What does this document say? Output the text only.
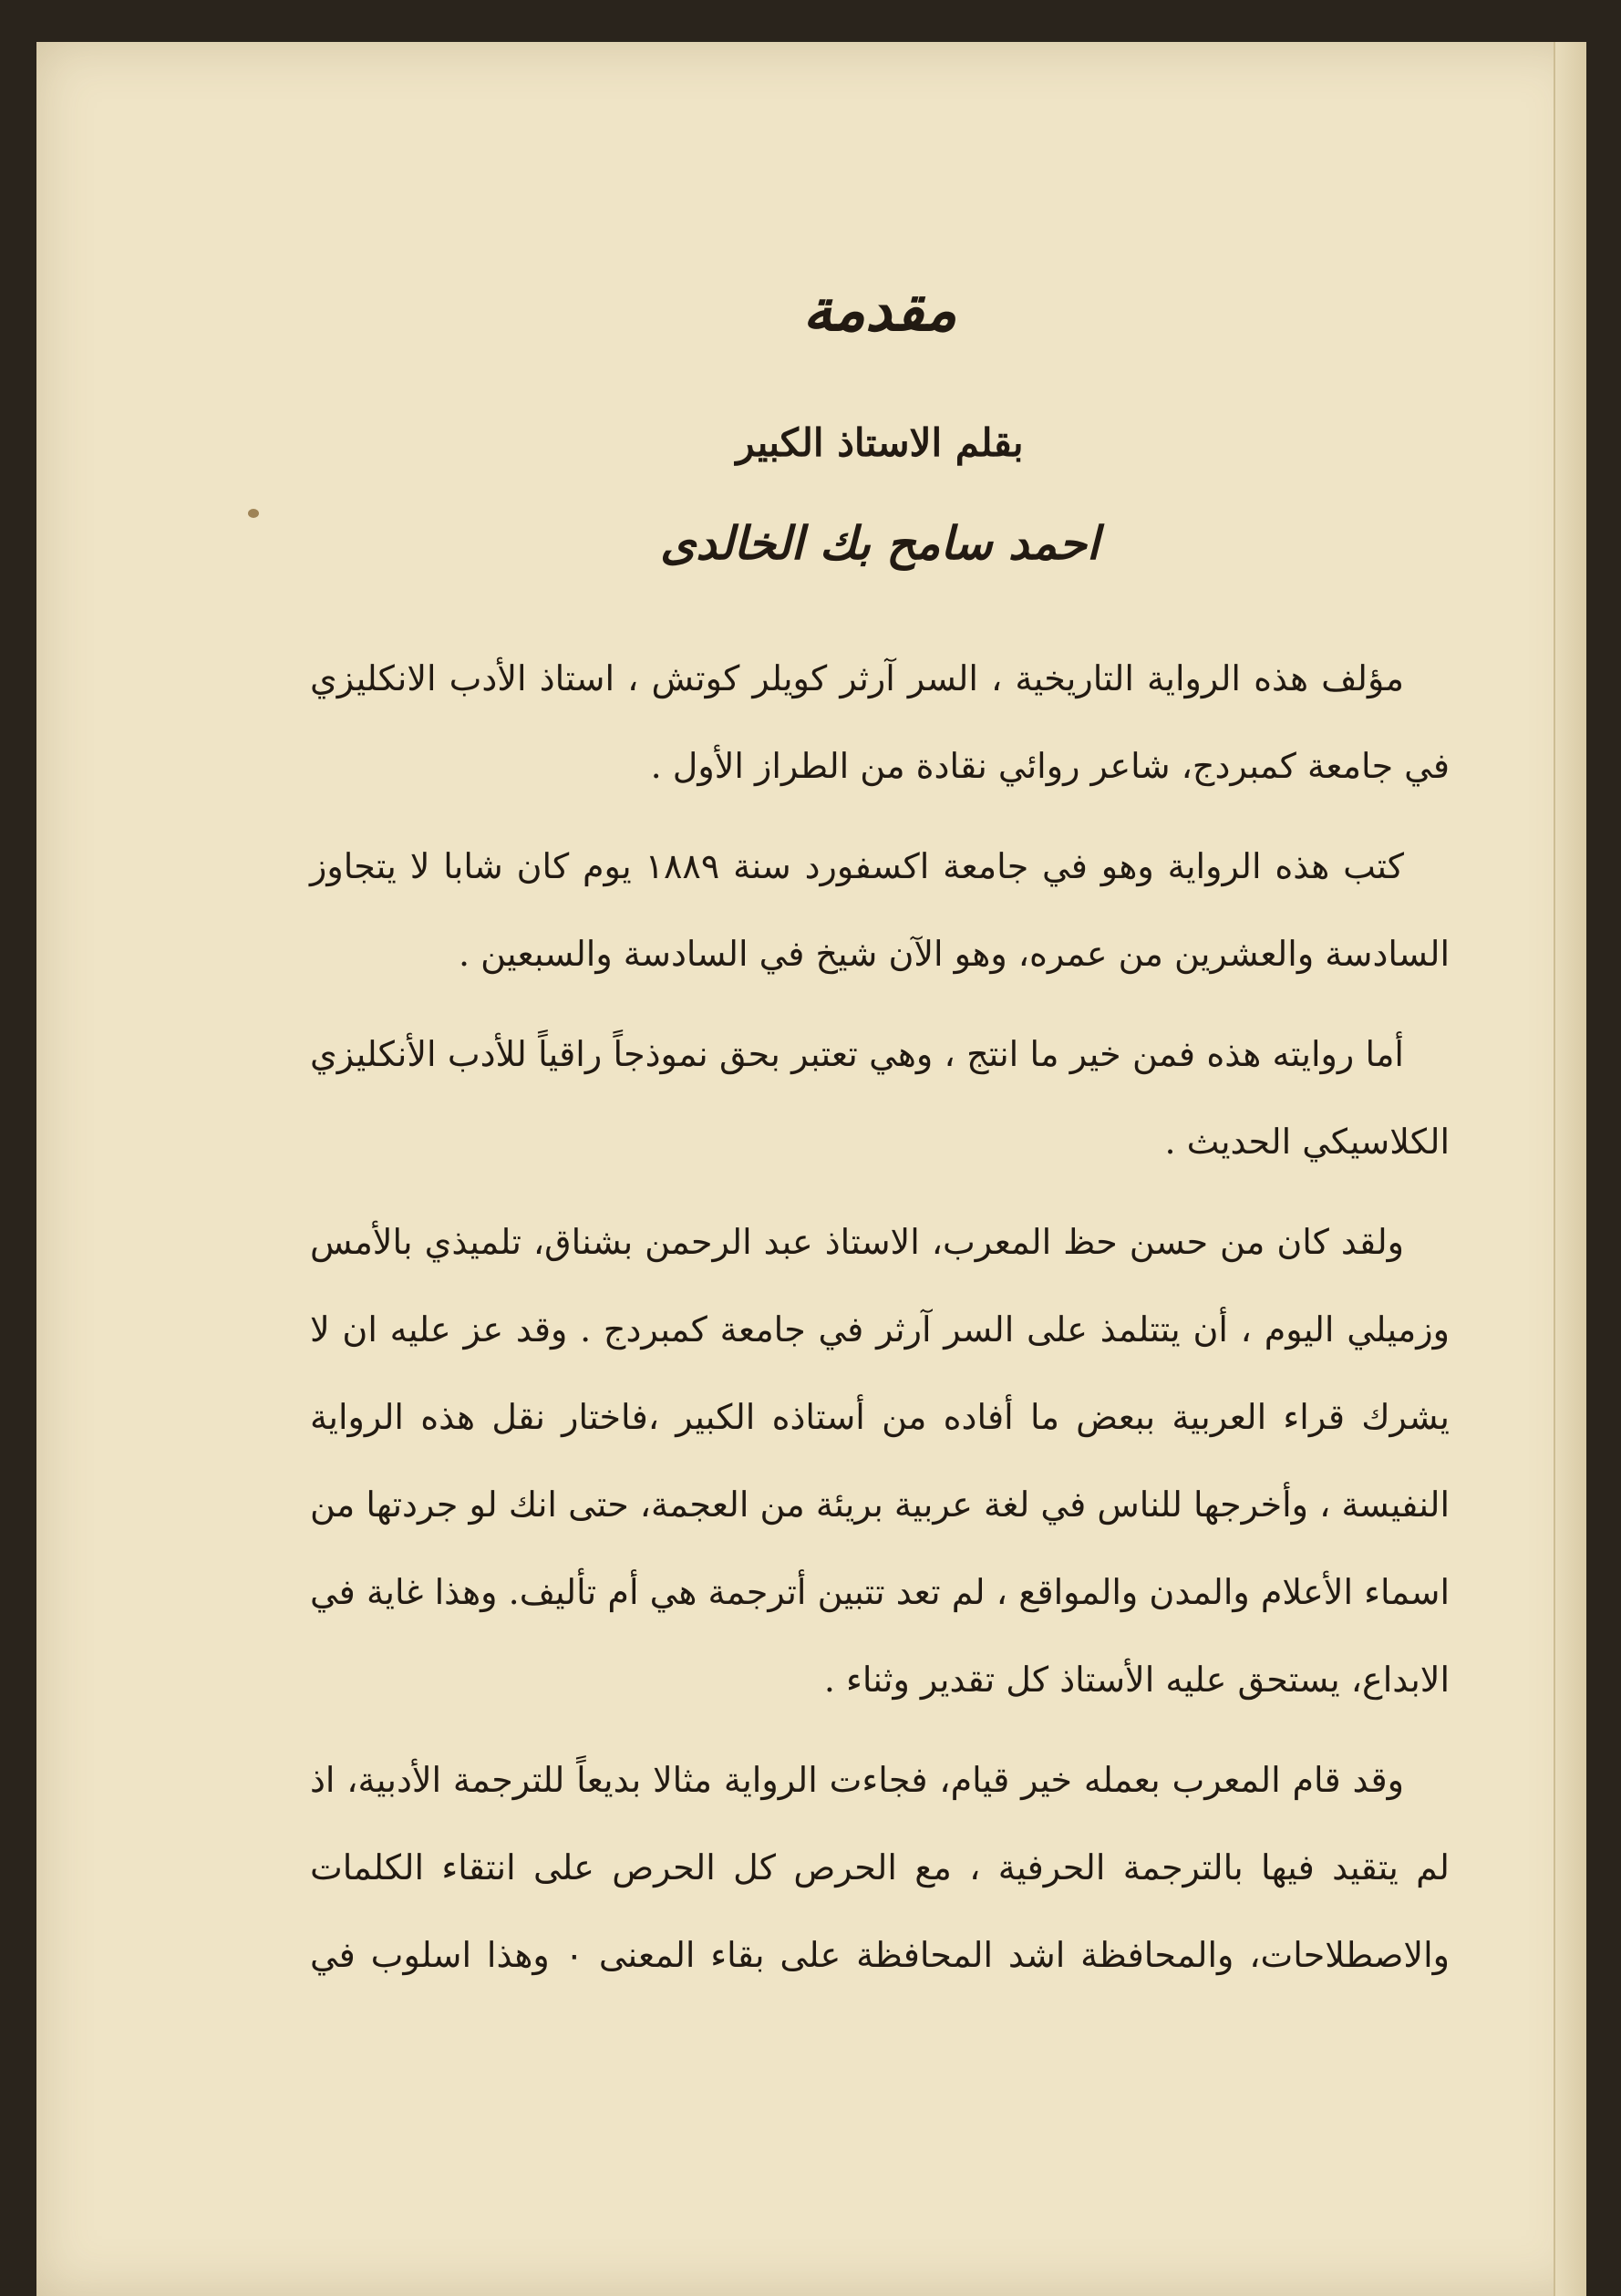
مقدمة
بقلم الاستاذ الكبير
احمد سامح بك الخالدى

مؤلف هذه الرواية التاريخية ، السر آرثر كويلر كوتش ، استاذ الأدب الانكليزي في جامعة كمبردج، شاعر روائي نقادة من الطراز الأول .

كتب هذه الرواية وهو في جامعة اكسفورد سنة ١٨٨٩ يوم كان شابا لا يتجاوز السادسة والعشرين من عمره، وهو الآن شيخ في السادسة والسبعين .

أما روايته هذه فمن خير ما انتج ، وهي تعتبر بحق نموذجاً راقياً للأدب الأنكليزي الكلاسيكي الحديث .

ولقد كان من حسن حظ المعرب، الاستاذ عبد الرحمن بشناق، تلميذي بالأمس وزميلي اليوم ، أن يتتلمذ على السر آرثر في جامعة كمبردج . وقد عز عليه ان لا يشرك قراء العربية ببعض ما أفاده من أستاذه الكبير ،فاختار نقل هذه الرواية النفيسة ، وأخرجها للناس في لغة عربية بريئة من العجمة، حتى انك لو جردتها من اسماء الأعلام والمدن والمواقع ، لم تعد تتبين أترجمة هي أم تأليف. وهذا غاية في الابداع، يستحق عليه الأستاذ كل تقدير وثناء .

وقد قام المعرب بعمله خير قيام، فجاءت الرواية مثالا بديعاً للترجمة الأدبية، اذ لم يتقيد فيها بالترجمة الحرفية ، مع الحرص كل الحرص على انتقاء الكلمات والاصطلاحات، والمحافظة اشد المحافظة على بقاء المعنى ٠ وهذا اسلوب في
